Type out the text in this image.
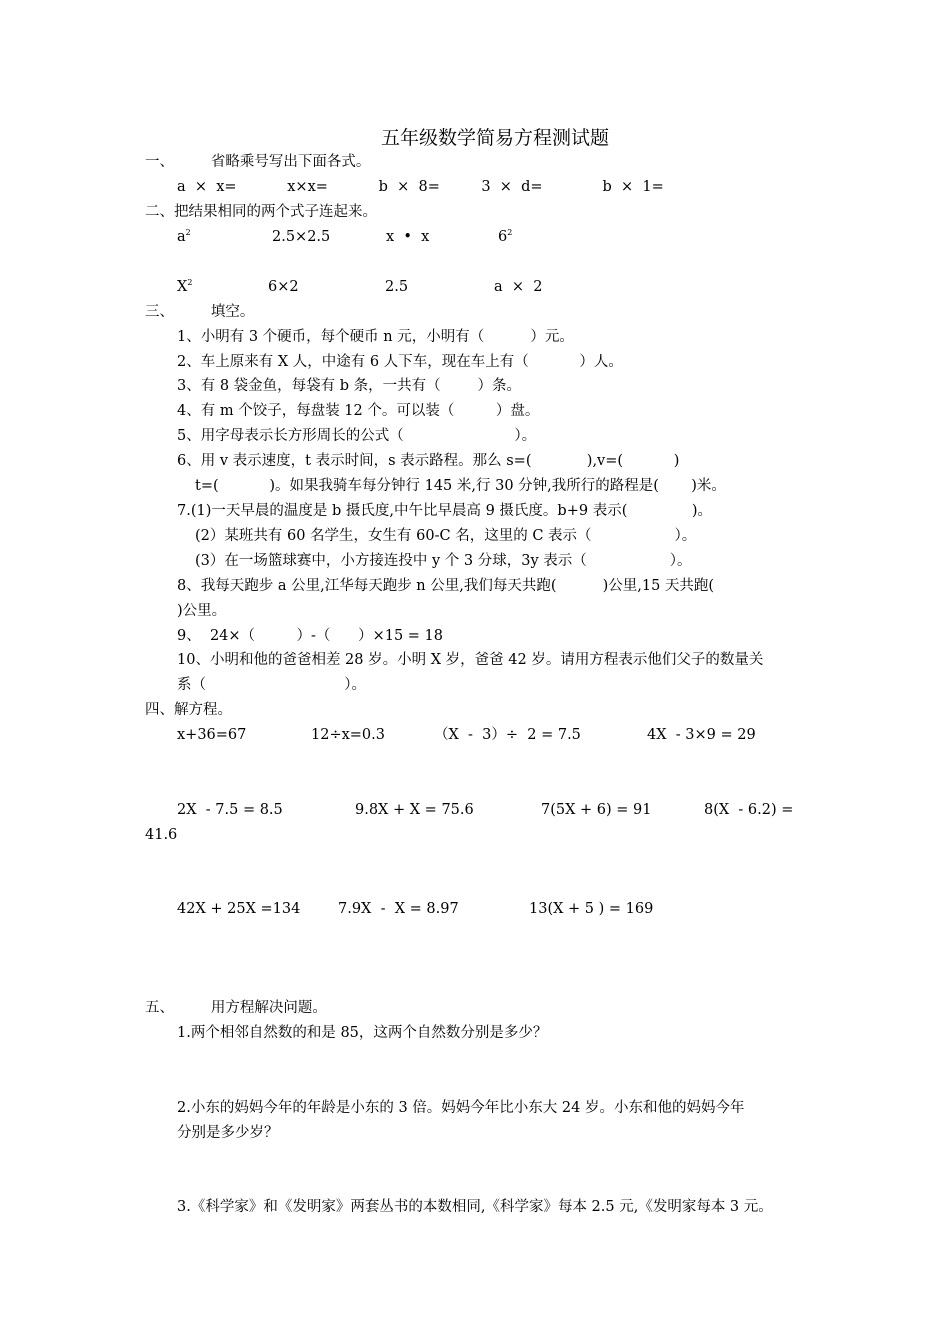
五年级数学简易方程测试题
一、        省略乘号写出下面各式。
a  ×  x=           x×x=           b  ×  8=         3  ×  d=             b  ×  1=
二、把结果相同的两个式子连起来。
$a^2$	2.5×2.5	x  •  x	$6^2$
$X^2$	6×2	2.5	a  ×  2
三、        填空。
1、小明有 3 个硬币，每个硬币 n 元，小明有（          ）元。
2、车上原来有 X 人，中途有 6 人下车，现在车上有（           ）人。
3、有 8 袋金鱼，每袋有 b 条，一共有（        ）条。
4、有 m 个饺子，每盘装 12 个。可以装（         ）盘。
5、用字母表示长方形周长的公式（                        ）。
6、用 v 表示速度，t 表示时间，s 表示路程。那么 s=(            ),v=(           )
t=(           )。如果我骑车每分钟行 145 米,行 30 分钟,我所行的路程是(       )米。
7.(1)一天早晨的温度是 b 摄氏度,中午比早晨高 9 摄氏度。b+9 表示(              )。
(2）某班共有 60 名学生，女生有 60-C 名，这里的 C 表示（                  ）。
(3）在一场篮球赛中，小方接连投中 y 个 3 分球，3y 表示（                  ）。
8、我每天跑步 a 公里,江华每天跑步 n 公里,我们每天共跑(          )公里,15 天共跑(
)公里。
9、  24×（         ）-（      ）×15 = 18
10、小明和他的爸爸相差 28 岁。小明 X 岁，爸爸 42 岁。请用方程表示他们父子的数量关
系（                              ）。
四、解方程。
x+36=67	12÷x=0.3	（X  -  3）÷  2 = 7.5	4X  - 3×9 = 29
2X  - 7.5 = 8.5	9.8X + X = 75.6	7(5X + 6) = 91	8(X  - 6.2) =
41.6
42X + 25X =134	7.9X  -  X = 8.97	13(X + 5 ) = 169
五、        用方程解决问题。
1.两个相邻自然数的和是 85，这两个自然数分别是多少？
2.小东的妈妈今年的年龄是小东的 3 倍。妈妈今年比小东大 24 岁。小东和他的妈妈今年
分别是多少岁？
3.《科学家》和《发明家》两套丛书的本数相同,《科学家》每本 2.5 元,《发明家每本 3 元。
